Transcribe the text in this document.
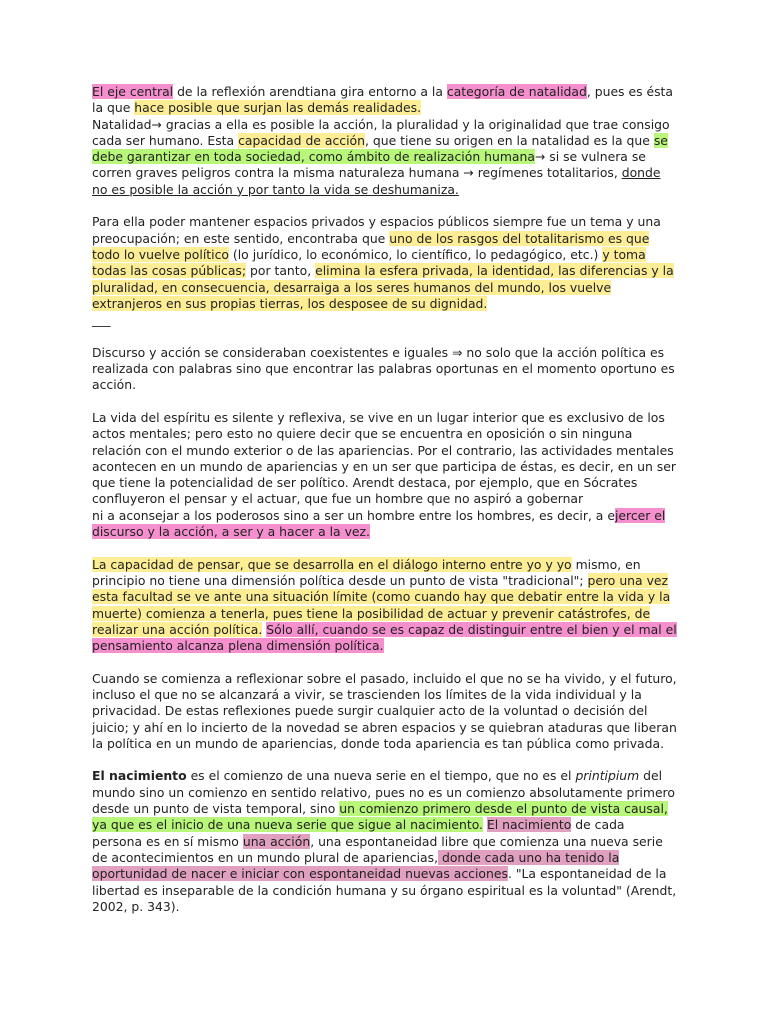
El eje central de la reflexión arendtiana gira entorno a la categoría de natalidad, pues es ésta la que hace posible que surjan las demás realidades.
Natalidad→ gracias a ella es posible la acción, la pluralidad y la originalidad que trae consigo cada ser humano. Esta capacidad de acción, que tiene su origen en la natalidad es la que se debe garantizar en toda sociedad, como ámbito de realización humana→ si se vulnera se corren graves peligros contra la misma naturaleza humana → regímenes totalitarios, donde no es posible la acción y por tanto la vida se deshumaniza.

Para ella poder mantener espacios privados y espacios públicos siempre fue un tema y una preocupación; en este sentido, encontraba que uno de los rasgos del totalitarismo es que todo lo vuelve político (lo jurídico, lo económico, lo científico, lo pedagógico, etc.) y toma todas las cosas públicas; por tanto, elimina la esfera privada, la identidad, las diferencias y la pluralidad, en consecuencia, desarraiga a los seres humanos del mundo, los vuelve extranjeros en sus propias tierras, los desposee de su dignidad.

___

Discurso y acción se consideraban coexistentes e iguales ⇒ no solo que la acción política es realizada con palabras sino que encontrar las palabras oportunas en el momento oportuno es acción.

La vida del espíritu es silente y reflexiva, se vive en un lugar interior que es exclusivo de los actos mentales; pero esto no quiere decir que se encuentra en oposición o sin ninguna relación con el mundo exterior o de las apariencias. Por el contrario, las actividades mentales acontecen en un mundo de apariencias y en un ser que participa de éstas, es decir, en un ser que tiene la potencialidad de ser político. Arendt destaca, por ejemplo, que en Sócrates confluyeron el pensar y el actuar, que fue un hombre que no aspiró a gobernar
ni a aconsejar a los poderosos sino a ser un hombre entre los hombres, es decir, a ejercer el discurso y la acción, a ser y a hacer a la vez.

La capacidad de pensar, que se desarrolla en el diálogo interno entre yo y yo mismo, en principio no tiene una dimensión política desde un punto de vista "tradicional"; pero una vez esta facultad se ve ante una situación límite (como cuando hay que debatir entre la vida y la muerte) comienza a tenerla, pues tiene la posibilidad de actuar y prevenir catástrofes, de realizar una acción política. Sólo allí, cuando se es capaz de distinguir entre el bien y el mal el pensamiento alcanza plena dimensión política.

Cuando se comienza a reflexionar sobre el pasado, incluido el que no se ha vivido, y el futuro, incluso el que no se alcanzará a vivir, se trascienden los límites de la vida individual y la privacidad. De estas reflexiones puede surgir cualquier acto de la voluntad o decisión del juicio; y ahí en lo incierto de la novedad se abren espacios y se quiebran ataduras que liberan la política en un mundo de apariencias, donde toda apariencia es tan pública como privada.

El nacimiento es el comienzo de una nueva serie en el tiempo, que no es el printipium del mundo sino un comienzo en sentido relativo, pues no es un comienzo absolutamente primero desde un punto de vista temporal, sino un comienzo primero desde el punto de vista causal, ya que es el inicio de una nueva serie que sigue al nacimiento. El nacimiento de cada persona es en sí mismo una acción, una espontaneidad libre que comienza una nueva serie de acontecimientos en un mundo plural de apariencias, donde cada uno ha tenido la oportunidad de nacer e iniciar con espontaneidad nuevas acciones. "La espontaneidad de la libertad es inseparable de la condición humana y su órgano espiritual es la voluntad" (Arendt, 2002, p. 343).
